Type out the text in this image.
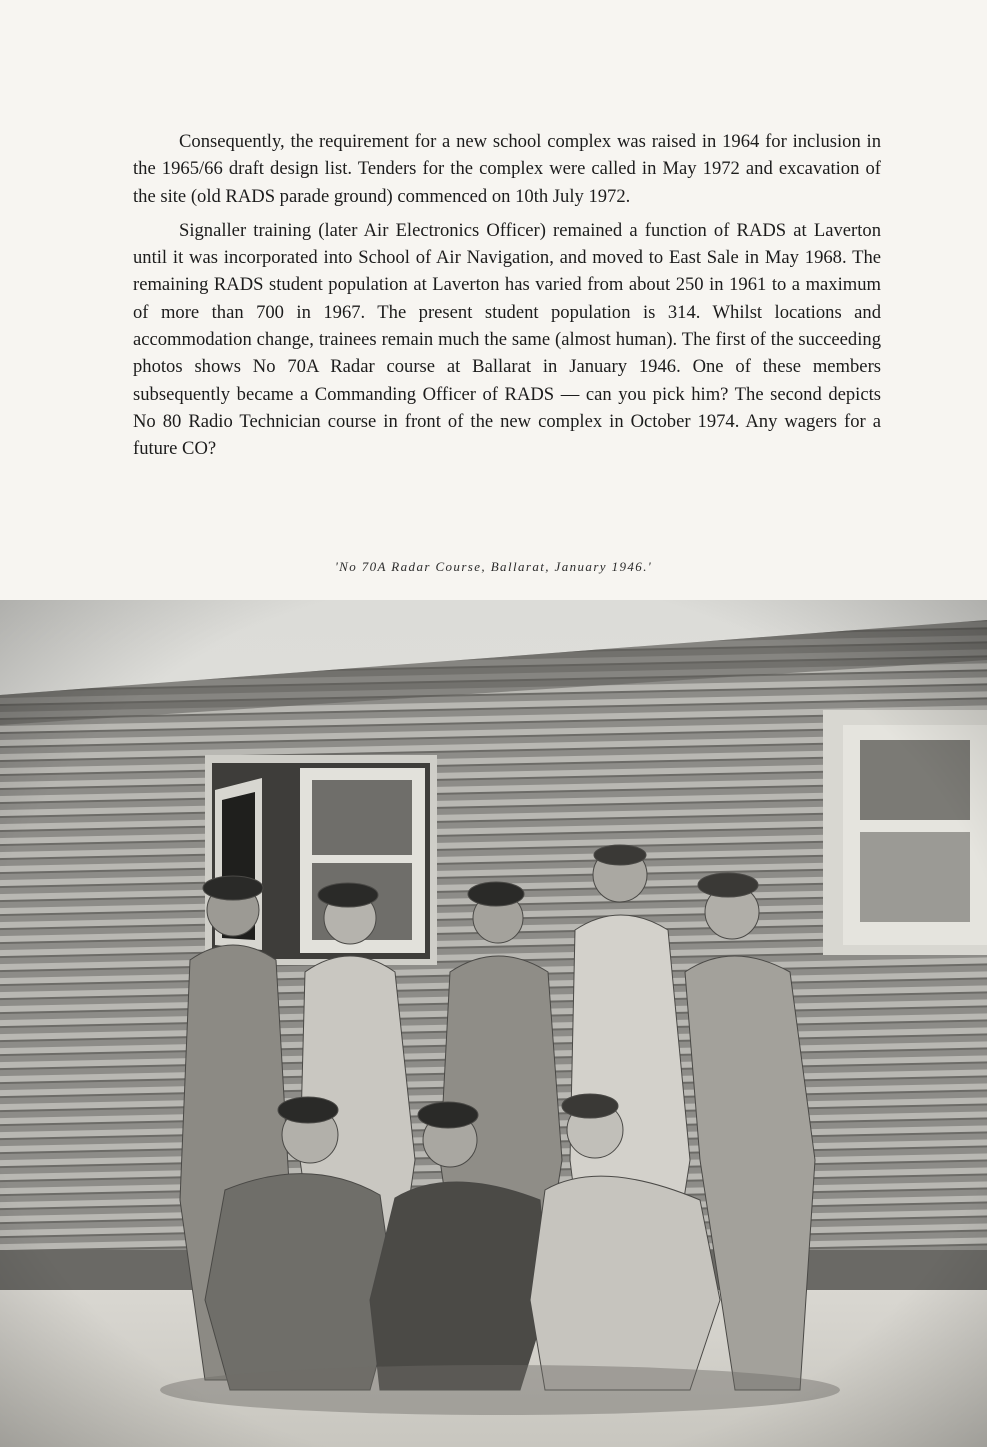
Consequently, the requirement for a new school complex was raised in 1964 for inclusion in the 1965/66 draft design list. Tenders for the complex were called in May 1972 and excavation of the site (old RADS parade ground) commenced on 10th July 1972.

Signaller training (later Air Electronics Officer) remained a function of RADS at Laverton until it was incorporated into School of Air Navigation, and moved to East Sale in May 1968. The remaining RADS student population at Laverton has varied from about 250 in 1961 to a maximum of more than 700 in 1967. The present student population is 314. Whilst locations and accommodation change, trainees remain much the same (almost human). The first of the succeeding photos shows No 70A Radar course at Ballarat in January 1946. One of these members subsequently became a Commanding Officer of RADS — can you pick him? The second depicts No 80 Radio Technician course in front of the new complex in October 1974. Any wagers for a future CO?

'No 70A Radar Course, Ballarat, January 1946.'
